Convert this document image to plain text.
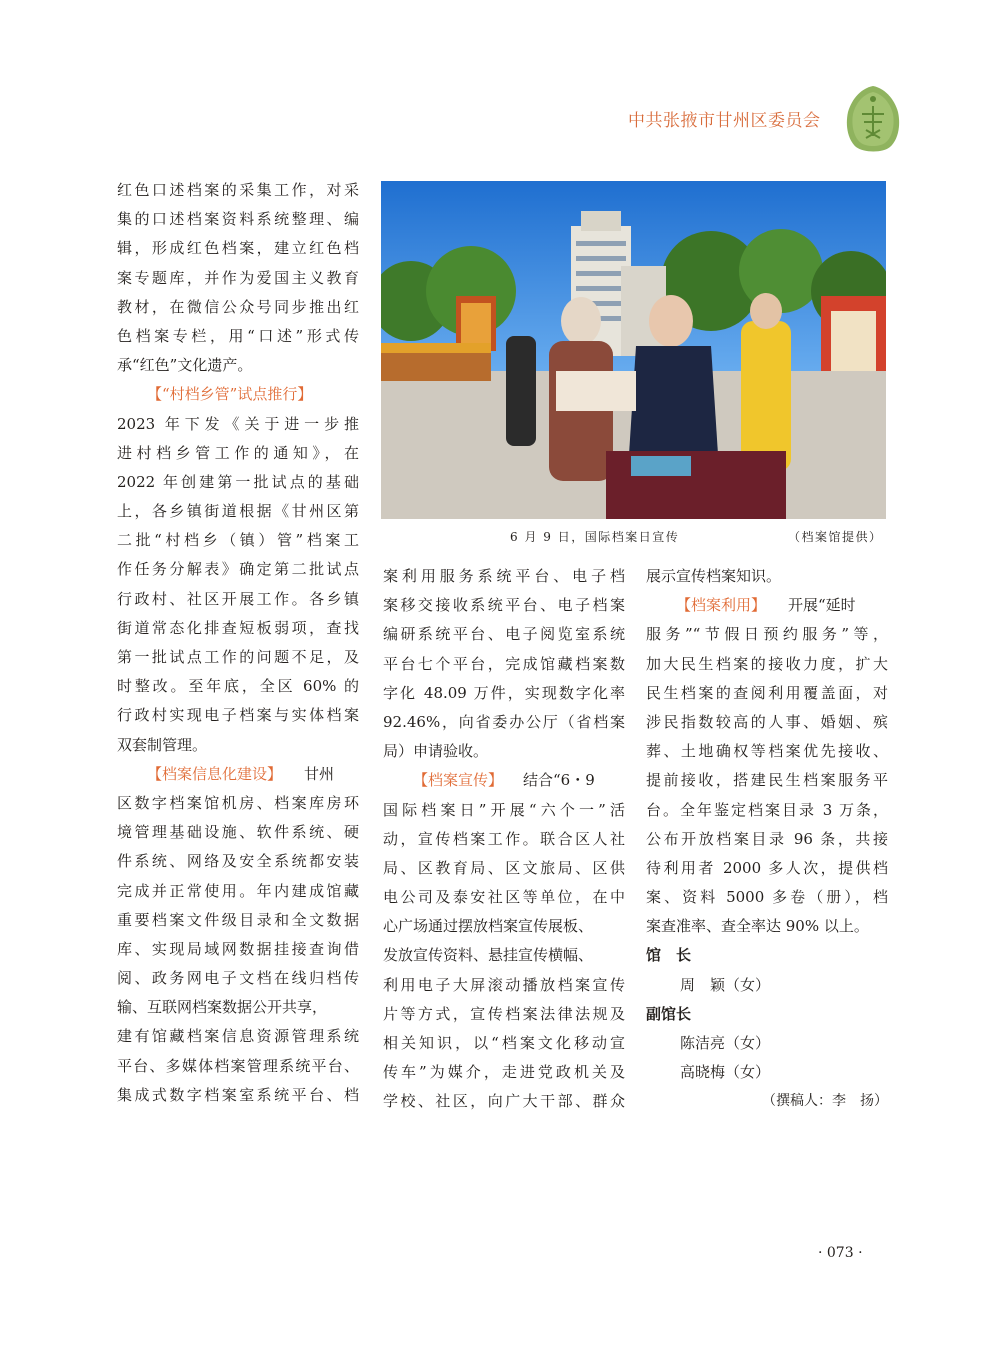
中共张掖市甘州区委员会
红色口述档案的采集工作，对采
集的口述档案资料系统整理、编
辑，形成红色档案，建立红色档
案专题库，并作为爱国主义教育
教材，在微信公众号同步推出红
色档案专栏，用“口述”形式传
承“红色”文化遗产。
【“村档乡管”试点推行】
2023 年下发《关于进一步推
进村档乡管工作的通知》，在
2022 年创建第一批试点的基础
上，各乡镇街道根据《甘州区第
二批“村档乡（镇）管”档案工
作任务分解表》确定第二批试点
行政村、社区开展工作。各乡镇
街道常态化排查短板弱项，查找
第一批试点工作的问题不足，及
时整改。至年底，全区 60% 的
行政村实现电子档案与实体档案
双套制管理。
【档案信息化建设】 甘州
区数字档案馆机房、档案库房环
境管理基础设施、软件系统、硬
件系统、网络及安全系统都安装
完成并正常使用。年内建成馆藏
重要档案文件级目录和全文数据
库、实现局域网数据挂接查询借
阅、政务网电子文档在线归档传
输、互联网档案数据公开共享，
建有馆藏档案信息资源管理系统
平台、多媒体档案管理系统平台、
集成式数字档案室系统平台、档
6 月 9 日，国际档案日宣传	（档案馆提供）
案利用服务系统平台、电子档
案移交接收系统平台、电子档案
编研系统平台、电子阅览室系统
平台七个平台，完成馆藏档案数
字化 48.09 万件，实现数字化率
92.46%，向省委办公厅（省档案
局）申请验收。
【档案宣传】 结合“6・9
国际档案日”开展“六个一”活
动，宣传档案工作。联合区人社
局、区教育局、区文旅局、区供
电公司及泰安社区等单位，在中
心广场通过摆放档案宣传展板、
发放宣传资料、悬挂宣传横幅、
利用电子大屏滚动播放档案宣传
片等方式，宣传档案法律法规及
相关知识，以“档案文化移动宣
传车”为媒介，走进党政机关及
学校、社区，向广大干部、群众
展示宣传档案知识。
【档案利用】 开展“延时
服务”“节假日预约服务”等，
加大民生档案的接收力度，扩大
民生档案的查阅利用覆盖面，对
涉民指数较高的人事、婚姻、殡
葬、土地确权等档案优先接收、
提前接收，搭建民生档案服务平
台。全年鉴定档案目录 3 万条，
公布开放档案目录 96 条，共接
待利用者 2000 多人次，提供档
案、资料 5000 多卷（册），档
案查准率、查全率达 90% 以上。
馆　长
周　颖（女）
副馆长
陈洁亮（女）
高晓梅（女）
（撰稿人：李　扬）
· 073 ·
